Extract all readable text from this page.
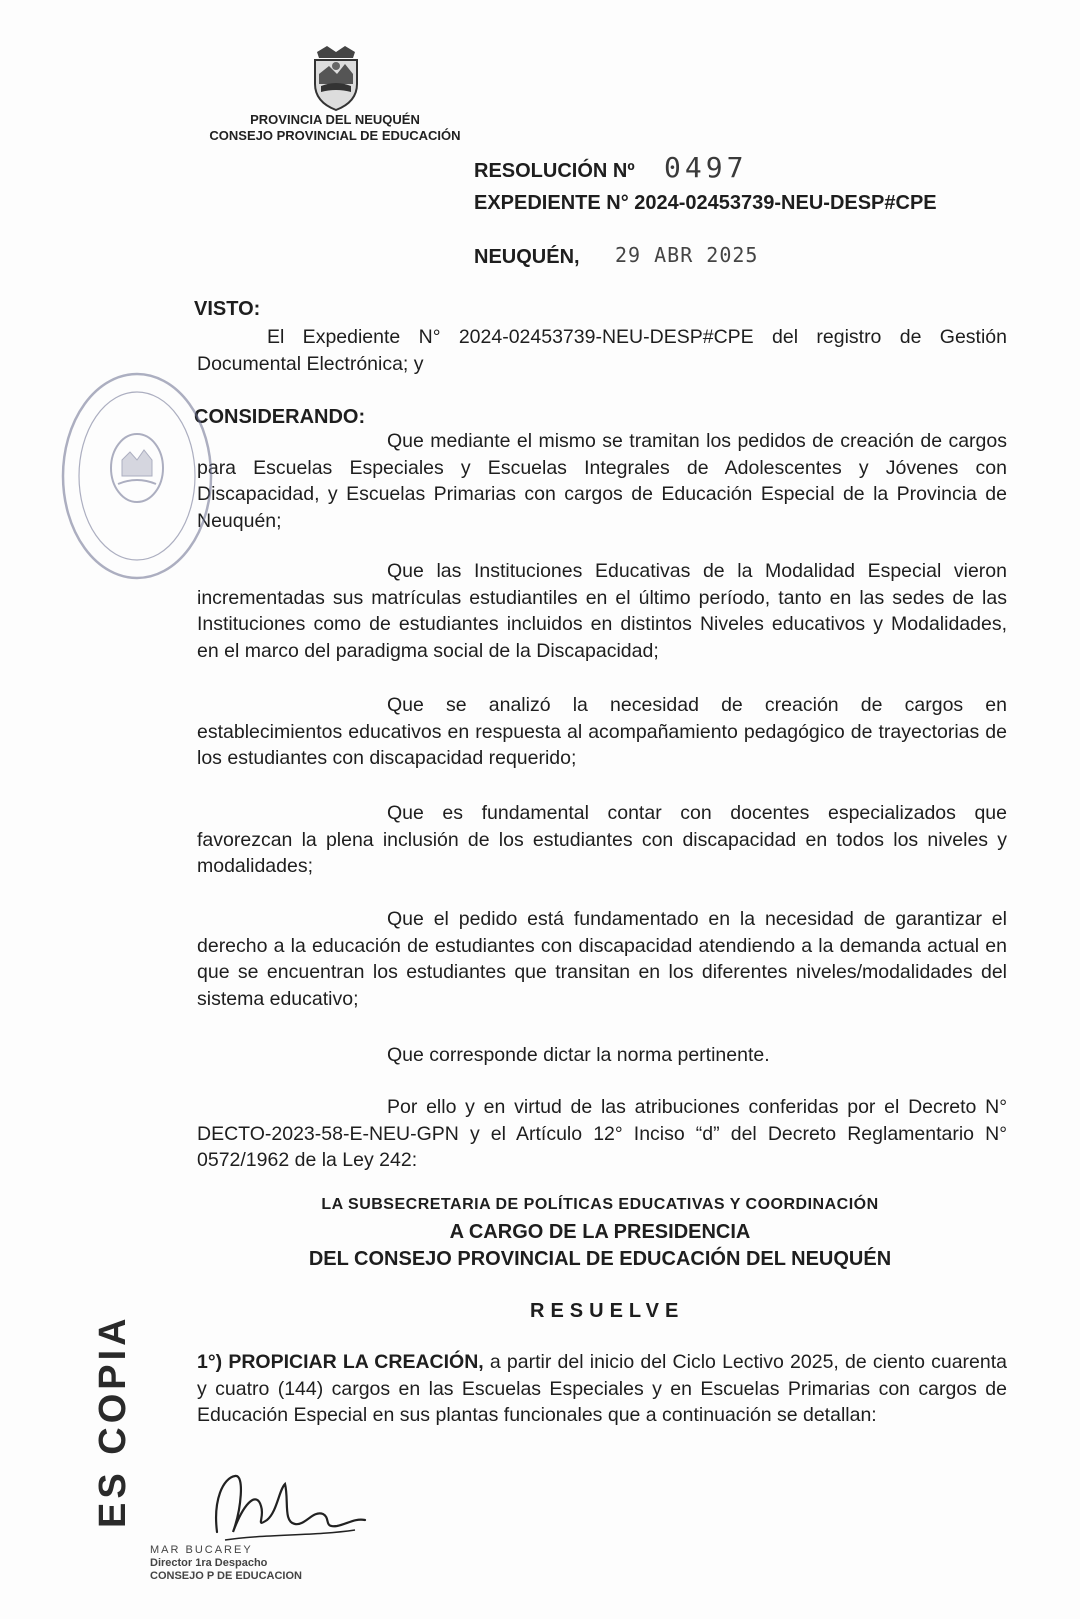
PROVINCIA DEL NEUQUÉN
CONSEJO PROVINCIAL DE EDUCACIÓN
RESOLUCIÓN Nº 0497
EXPEDIENTE N° 2024-02453739-NEU-DESP#CPE
NEUQUÉN, 29 ABR 2025
VISTO:
El Expediente N° 2024-02453739-NEU-DESP#CPE del registro de Gestión Documental Electrónica; y
CONSIDERANDO:
Que mediante el mismo se tramitan los pedidos de creación de cargos para Escuelas Especiales y Escuelas Integrales de Adolescentes y Jóvenes con Discapacidad, y Escuelas Primarias con cargos de Educación Especial de la Provincia de Neuquén;
Que las Instituciones Educativas de la Modalidad Especial vieron incrementadas sus matrículas estudiantiles en el último período, tanto en las sedes de las Instituciones como de estudiantes incluidos en distintos Niveles educativos y Modalidades, en el marco del paradigma social de la Discapacidad;
Que se analizó la necesidad de creación de cargos en establecimientos educativos en respuesta al acompañamiento pedagógico de trayectorias de los estudiantes con discapacidad requerido;
Que es fundamental contar con docentes especializados que favorezcan la plena inclusión de los estudiantes con discapacidad en todos los niveles y modalidades;
Que el pedido está fundamentado en la necesidad de garantizar el derecho a la educación de estudiantes con discapacidad atendiendo a la demanda actual en que se encuentran los estudiantes que transitan en los diferentes niveles/modalidades del sistema educativo;
Que corresponde dictar la norma pertinente.
Por ello y en virtud de las atribuciones conferidas por el Decreto N° DECTO-2023-58-E-NEU-GPN y el Artículo 12° Inciso “d” del Decreto Reglamentario N° 0572/1962 de la Ley 242:
LA SUBSECRETARIA DE POLÍTICAS EDUCATIVAS Y COORDINACIÓN
A CARGO DE LA PRESIDENCIA
DEL CONSEJO PROVINCIAL DE EDUCACIÓN DEL NEUQUÉN
RESUELVE
1°) PROPICIAR LA CREACIÓN, a partir del inicio del Ciclo Lectivo 2025, de ciento cuarenta y cuatro (144) cargos en las Escuelas Especiales y en Escuelas Primarias con cargos de Educación Especial en sus plantas funcionales que a continuación se detallan:
MAR BUCAREY
Director 1ra Despacho
CONSEJO P DE EDUCACION
ES COPIA
